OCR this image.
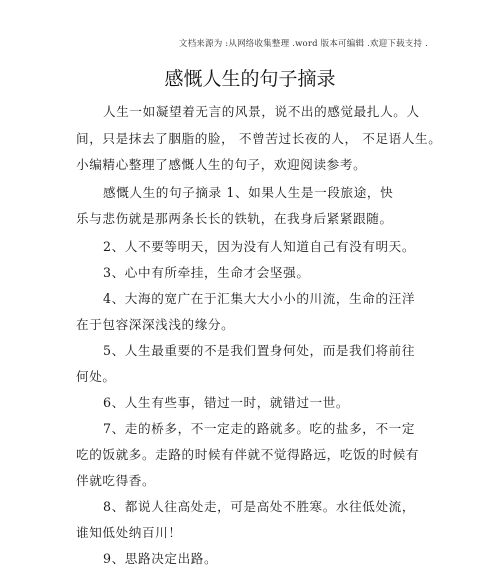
文档来源为 :从网络收集整理 .word 版本可编辑 .欢迎下载支持 .
感慨人生的句子摘录
人生一如凝望着无言的风景，说不出的感觉最扎人。人
间，只是抹去了胭脂的脸， 不曾苦过长夜的人， 不足语人生。
小编精心整理了感慨人生的句子，欢迎阅读参考。
感慨人生的句子摘录 1、如果人生是一段旅途，快
乐与悲伤就是那两条长长的铁轨，在我身后紧紧跟随。
2、人不要等明天，因为没有人知道自己有没有明天。
3、心中有所牵挂，生命才会坚强。
4、大海的宽广在于汇集大大小小的川流，生命的汪洋
在于包容深深浅浅的缘分。
5、人生最重要的不是我们置身何处，而是我们将前往
何处。
6、人生有些事，错过一时，就错过一世。
7、走的桥多，不一定走的路就多。吃的盐多，不一定
吃的饭就多。走路的时候有伴就不觉得路远，吃饭的时候有
伴就吃得香。
8、都说人往高处走，可是高处不胜寒。水往低处流，
谁知低处纳百川！
9、思路决定出路。
